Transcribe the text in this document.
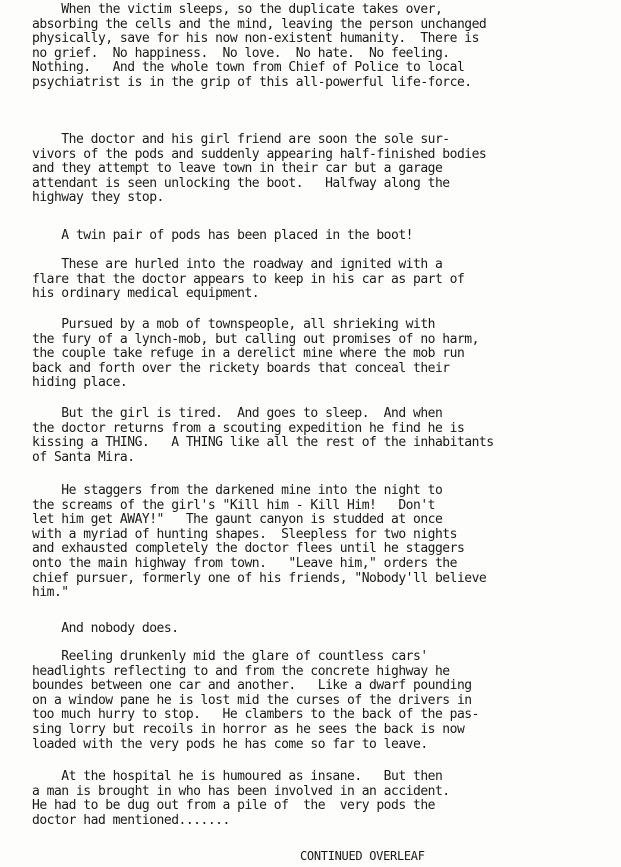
When the victim sleeps, so the duplicate takes over,
absorbing the cells and the mind, leaving the person unchanged
physically, save for his now non-existent humanity.  There is
no grief.  No happiness.  No love.  No hate.  No feeling.
Nothing.   And the whole town from Chief of Police to local
psychiatrist is in the grip of this all-powerful life-force.
The doctor and his girl friend are soon the sole sur-
vivors of the pods and suddenly appearing half-finished bodies
and they attempt to leave town in their car but a garage
attendant is seen unlocking the boot.   Halfway along the
highway they stop.
A twin pair of pods has been placed in the boot!
These are hurled into the roadway and ignited with a
flare that the doctor appears to keep in his car as part of
his ordinary medical equipment.
Pursued by a mob of townspeople, all shrieking with
the fury of a lynch-mob, but calling out promises of no harm,
the couple take refuge in a derelict mine where the mob run
back and forth over the rickety boards that conceal their
hiding place.
But the girl is tired.  And goes to sleep.  And when
the doctor returns from a scouting expedition he find he is
kissing a THING.   A THING like all the rest of the inhabitants
of Santa Mira.
He staggers from the darkened mine into the night to
the screams of the girl's "Kill him - Kill Him!   Don't
let him get AWAY!"   The gaunt canyon is studded at once
with a myriad of hunting shapes.  Sleepless for two nights
and exhausted completely the doctor flees until he staggers
onto the main highway from town.   "Leave him," orders the
chief pursuer, formerly one of his friends, "Nobody'll believe
him."
And nobody does.
Reeling drunkenly mid the glare of countless cars'
headlights reflecting to and from the concrete highway he
boundes between one car and another.   Like a dwarf pounding
on a window pane he is lost mid the curses of the drivers in
too much hurry to stop.   He clambers to the back of the pas-
sing lorry but recoils in horror as he sees the back is now
loaded with the very pods he has come so far to leave.
At the hospital he is humoured as insane.   But then
a man is brought in who has been involved in an accident.
He had to be dug out from a pile of  the  very pods the
doctor had mentioned.......
CONTINUED OVERLEAF
